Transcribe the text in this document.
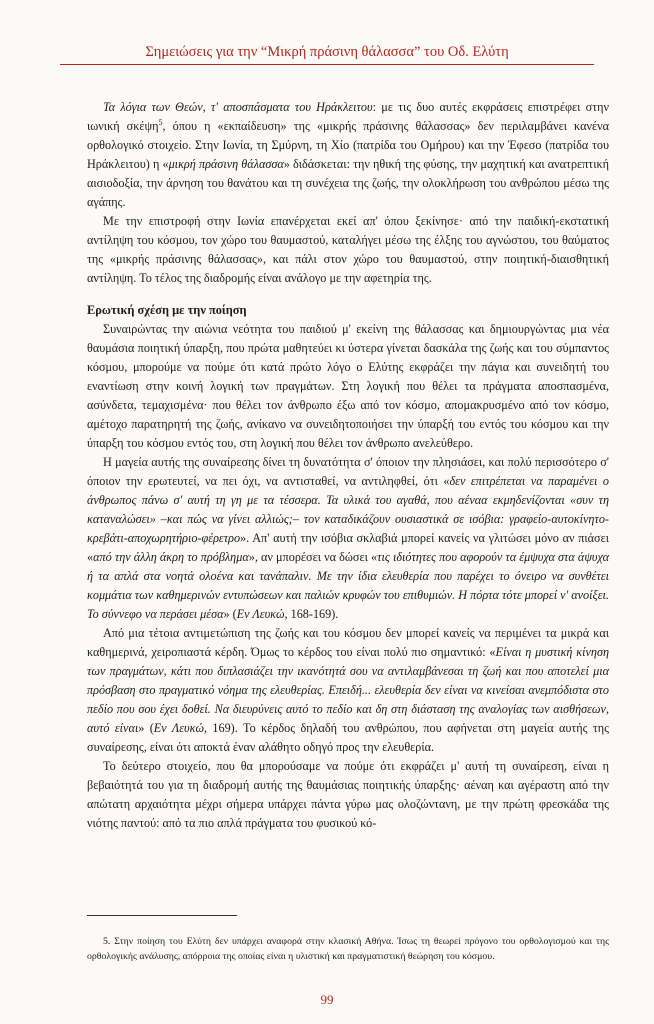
Σημειώσεις για την “Μικρή πράσινη θάλασσα” του Οδ. Ελύτη

Τα λόγια των Θεών, τ' αποσπάσματα του Ηράκλειτου: με τις δυο αυτές εκφράσεις επιστρέφει στην ιωνική σκέψη$^5$, όπου η «εκπαίδευση» της «μικρής πράσινης θάλασσας» δεν περιλαμβάνει κανένα ορθολογικό στοιχείο. Στην Ιωνία, τη Σμύρνη, τη Χίο (πατρίδα του Ομήρου) και την Έφεσο (πατρίδα του Ηράκλειτου) η «μικρή πράσινη θάλασσα» διδάσκεται: την ηθική της φύσης, την μαχητική και ανατρεπτική αισιοδοξία, την άρνηση του θανάτου και τη συνέχεια της ζωής, την ολοκλήρωση του ανθρώπου μέσω της αγάπης.

Με την επιστροφή στην Ιωνία επανέρχεται εκεί απ' όπου ξεκίνησε· από την παιδική-εκστατική αντίληψη του κόσμου, τον χώρο του θαυμαστού, καταλήγει μέσω της έλξης του αγνώστου, του θαύματος της «μικρής πράσινης θάλασσας», και πάλι στον χώρο του θαυμαστού, στην ποιητική-διαισθητική αντίληψη. Το τέλος της διαδρομής είναι ανάλογο με την αφετηρία της.

Ερωτική σχέση με την ποίηση

Συναιρώντας την αιώνια νεότητα του παιδιού μ' εκείνη της θάλασσας και δημιουργώντας μια νέα θαυμάσια ποιητική ύπαρξη, που πρώτα μαθητεύει κι ύστερα γίνεται δασκάλα της ζωής και του σύμπαντος κόσμου, μπορούμε να πούμε ότι κατά πρώτο λόγο ο Ελύτης εκφράζει την πάγια και συνειδητή του εναντίωση στην κοινή λογική των πραγμάτων. Στη λογική που θέλει τα πράγματα αποσπασμένα, ασύνδετα, τεμαχισμένα· που θέλει τον άνθρωπο έξω από τον κόσμο, απομακρυσμένο από τον κόσμο, αμέτοχο παρατηρητή της ζωής, ανίκανο να συνειδητοποιήσει την ύπαρξή του εντός του κόσμου και την ύπαρξη του κόσμου εντός του, στη λογική που θέλει τον άνθρωπο ανελεύθερο.

Η μαγεία αυτής της συναίρεσης δίνει τη δυνατότητα σ' όποιον την πλησιάσει, και πολύ περισσότερο σ' όποιον την ερωτευτεί, να πει όχι, να αντισταθεί, να αντιληφθεί, ότι «δεν επιτρέπεται να παραμένει ο άνθρωπος πάνω σ' αυτή τη γη με τα τέσσερα. Τα υλικά του αγαθά, που αέναα εκμηδενίζονται «συν τη καταναλώσει» –και πώς να γίνει αλλιώς;– τον καταδικάζουν ουσιαστικά σε ισόβια: γραφείο-αυτοκίνητο-κρεβάτι-αποχωρητήριο-φέρετρο». Απ' αυτή την ισόβια σκλαβιά μπορεί κανείς να γλιτώσει μόνο αν πιάσει «από την άλλη άκρη το πρόβλημα», αν μπορέσει να δώσει «τις ιδιότητες που αφορούν τα έμψυχα στα άψυχα ή τα απλά στα νοητά ολοένα και τανάπαλιν. Με την ίδια ελευθερία που παρέχει το όνειρο να συνθέτει κομμάτια των καθημερινών εντυπώσεων και παλιών κρυφών του επιθυμιών. Η πόρτα τότε μπορεί ν' ανοίξει. Το σύννεφο να περάσει μέσα» (Εν Λευκώ, 168-169).

Από μια τέτοια αντιμετώπιση της ζωής και του κόσμου δεν μπορεί κανείς να περιμένει τα μικρά και καθημερινά, χειροπιαστά κέρδη. Όμως το κέρδος του είναι πολύ πιο σημαντικό: «Είναι η μυστική κίνηση των πραγμάτων, κάτι που διπλασιάζει την ικανότητά σου να αντιλαμβάνεσαι τη ζωή και που αποτελεί μια πρόσβαση στο πραγματικό νόημα της ελευθερίας. Επειδή... ελευθερία δεν είναι να κινείσαι ανεμπόδιστα στο πεδίο που σου έχει δοθεί. Να διευρύνεις αυτό το πεδίο και δη στη διάσταση της αναλογίας των αισθήσεων, αυτό είναι» (Εν Λευκώ, 169). Το κέρδος δηλαδή του ανθρώπου, που αφήνεται στη μαγεία αυτής της συναίρεσης, είναι ότι αποκτά έναν αλάθητο οδηγό προς την ελευθερία.

Το δεύτερο στοιχείο, που θα μπορούσαμε να πούμε ότι εκφράζει μ' αυτή τη συναίρεση, είναι η βεβαιότητά του για τη διαδρομή αυτής της θαυμάσιας ποιητικής ύπαρξης· αέναη και αγέραστη από την απώτατη αρχαιότητα μέχρι σήμερα υπάρχει πάντα γύρω μας ολοζώντανη, με την πρώτη φρεσκάδα της νιότης παντού: από τα πιο απλά πράγματα του φυσικού κό-

5. Στην ποίηση του Ελύτη δεν υπάρχει αναφορά στην κλασική Αθήνα. Ίσως τη θεωρεί πρόγονο του ορθολογισμού και της ορθολογικής ανάλυσης, απόρροια της οποίας είναι η υλιστική και πραγματιστική θεώρηση του κόσμου.
99
